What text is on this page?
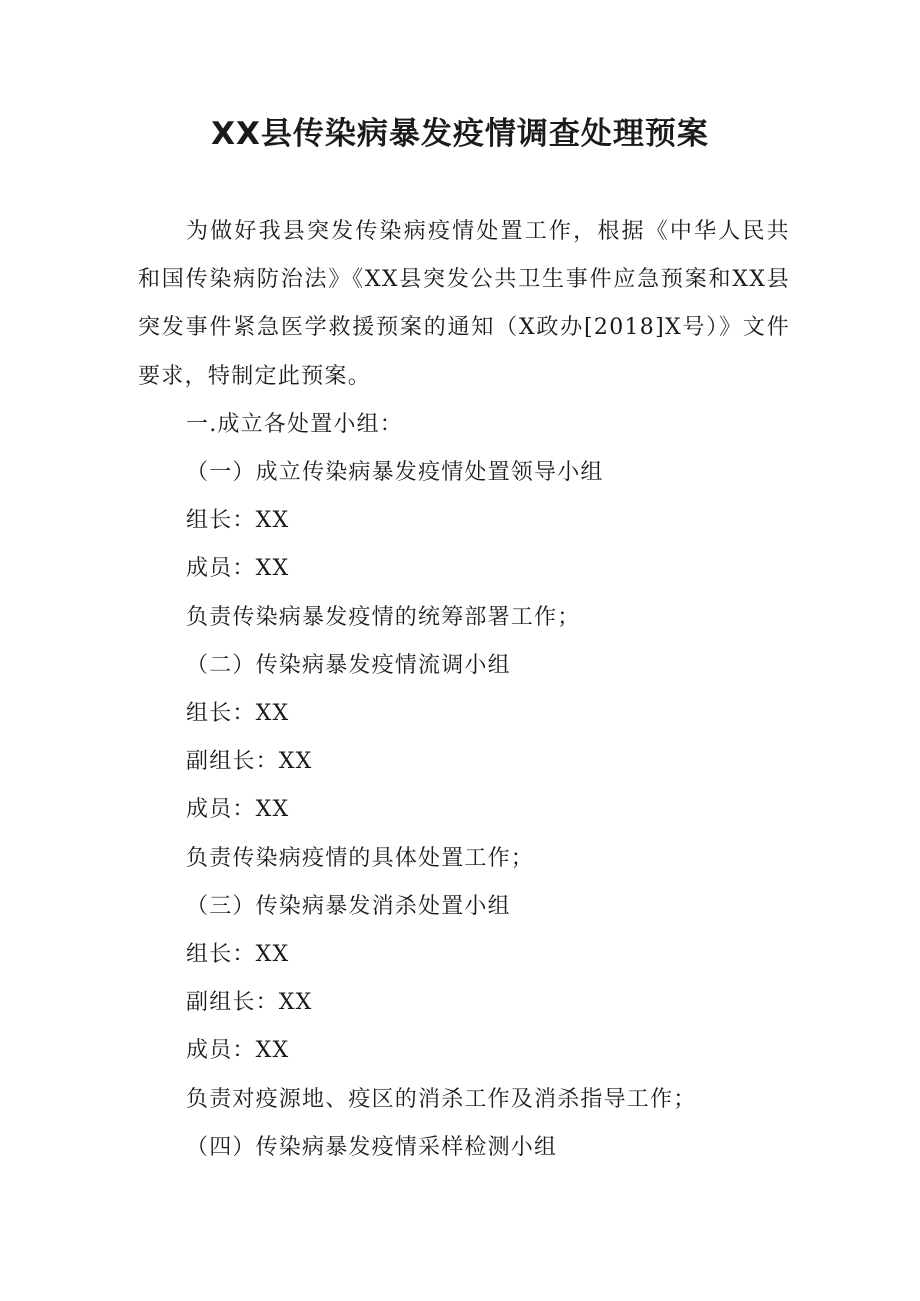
XX县传染病暴发疫情调查处理预案

为做好我县突发传染病疫情处置工作，根据《中华人民共和国传染病防治法》《XX县突发公共卫生事件应急预案和XX县突发事件紧急医学救援预案的通知（X政办[2018]X号）》文件要求，特制定此预案。

一.成立各处置小组：

（一）成立传染病暴发疫情处置领导小组

组长：XX

成员：XX

负责传染病暴发疫情的统筹部署工作；

（二）传染病暴发疫情流调小组

组长：XX

副组长：XX

成员：XX

负责传染病疫情的具体处置工作；

（三）传染病暴发消杀处置小组

组长：XX

副组长：XX

成员：XX

负责对疫源地、疫区的消杀工作及消杀指导工作；

（四）传染病暴发疫情采样检测小组
